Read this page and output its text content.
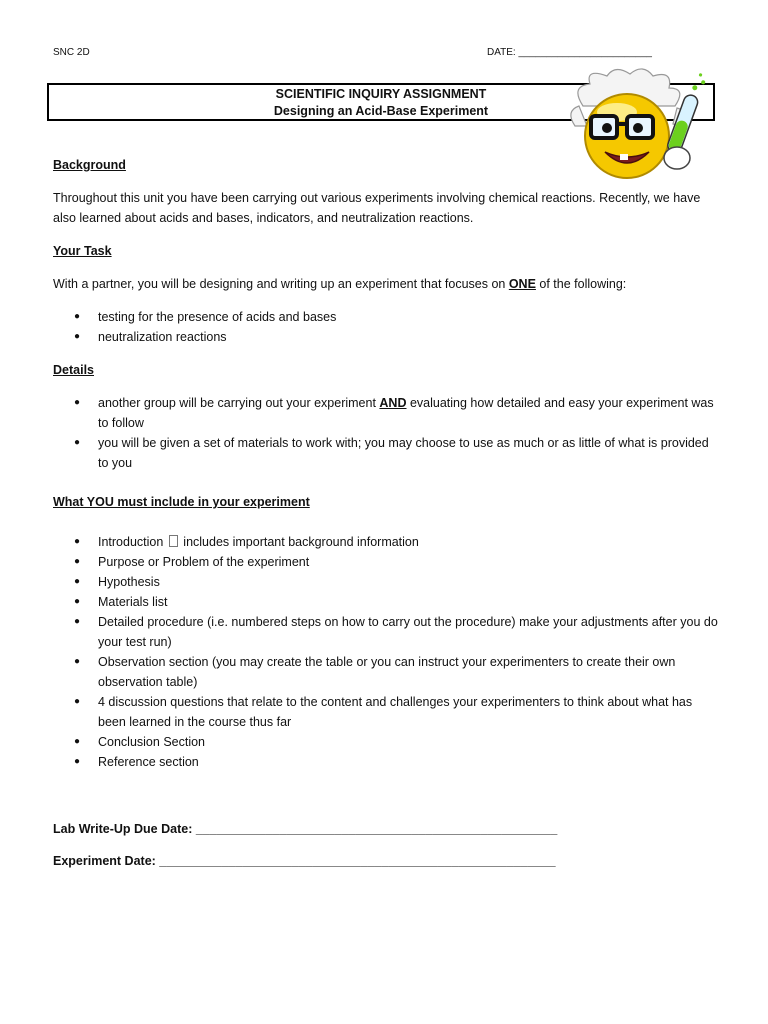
SNC 2D	DATE: ________________________
SCIENTIFIC INQUIRY ASSIGNMENT
Designing an Acid-Base Experiment

Background

Throughout this unit you have been carrying out various experiments involving chemical reactions. Recently, we have also learned about acids and bases, indicators, and neutralization reactions.

Your Task

With a partner, you will be designing and writing up an experiment that focuses on ONE of the following:

● testing for the presence of acids and bases
● neutralization reactions

Details

● another group will be carrying out your experiment AND evaluating how detailed and easy your experiment was to follow
● you will be given a set of materials to work with; you may choose to use as much or as little of what is provided to you

What YOU must include in your experiment

● Introduction  includes important background information
● Purpose or Problem of the experiment
● Hypothesis
● Materials list
● Detailed procedure (i.e. numbered steps on how to carry out the procedure) make your adjustments after you do your test run)
● Observation section (you may create the table or you can instruct your experimenters to create their own observation table)
● 4 discussion questions that relate to the content and challenges your experimenters to think about what has been learned in the course thus far
● Conclusion Section
● Reference section

Lab Write-Up Due Date: ____________________________________________________

Experiment Date: _________________________________________________________
